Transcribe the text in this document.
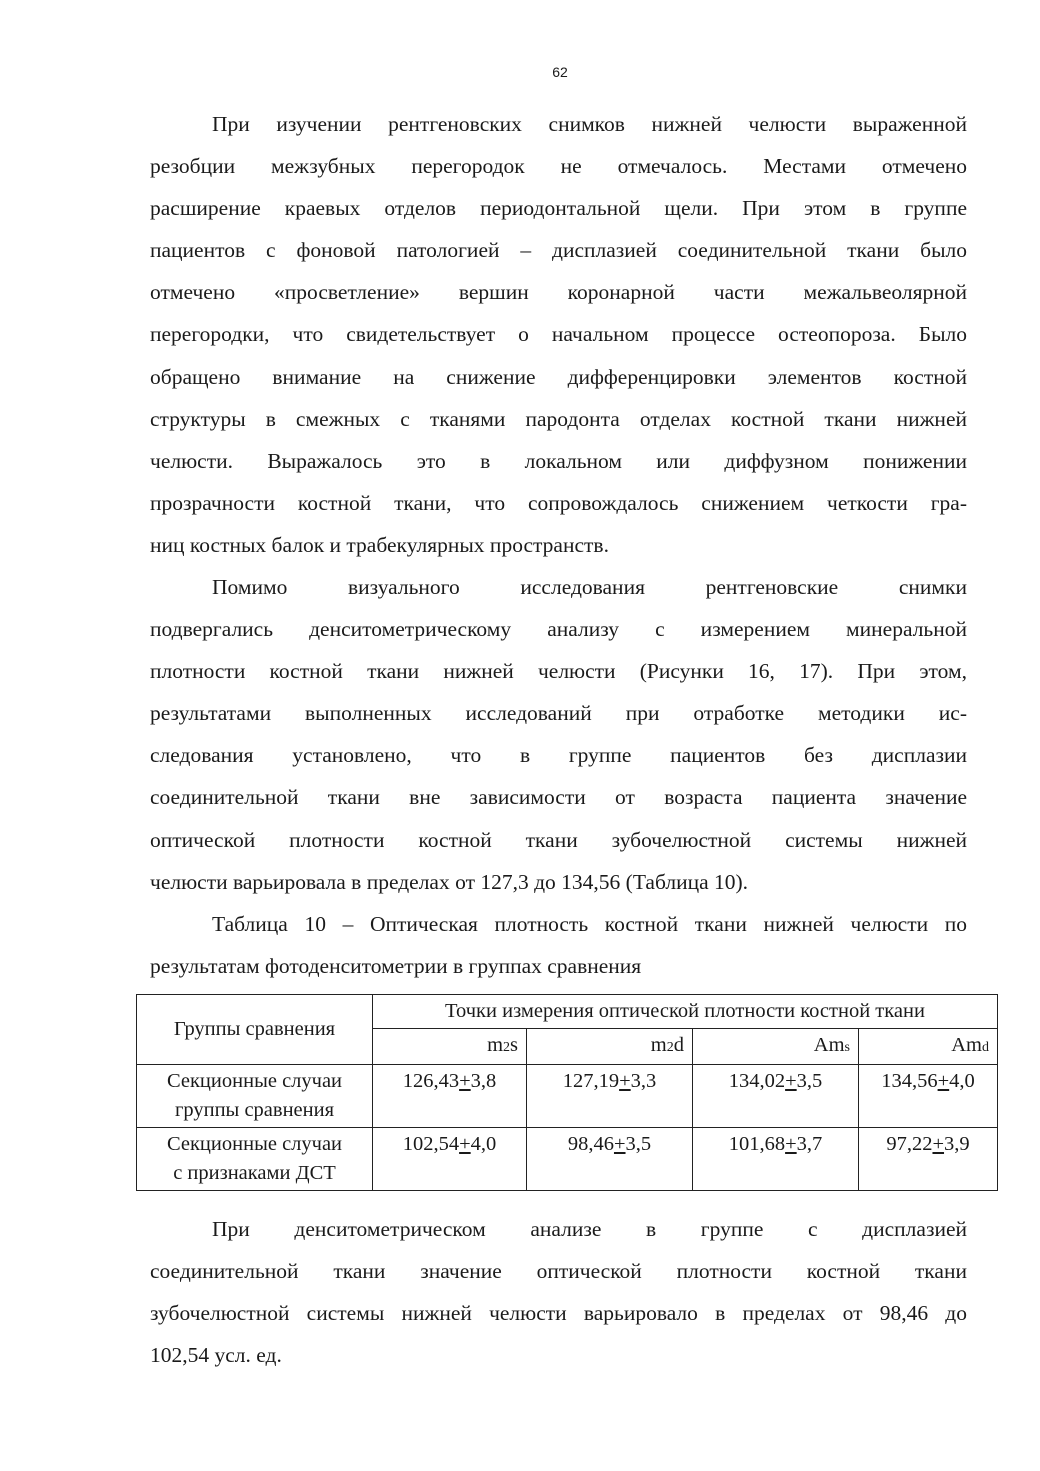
62

При изучении рентгеновских снимков нижней челюсти выраженной
резобции межзубных перегородок не отмечалось. Местами отмечено
расширение краевых отделов периодонтальной щели. При этом в группе
пациентов с фоновой патологией – дисплазией соединительной ткани было
отмечено «просветление» вершин коронарной части межальвеолярной
перегородки, что свидетельствует о начальном процессе остеопороза. Было
обращено внимание на снижение дифференцировки элементов костной
структуры в смежных с тканями пародонта отделах костной ткани нижней
челюсти. Выражалось это в локальном или диффузном понижении
прозрачности костной ткани, что сопровождалось снижением четкости гра-
ниц костных балок и трабекулярных пространств.

Помимо визуального исследования рентгеновские снимки
подвергались денситометрическому анализу с измерением минеральной
плотности костной ткани нижней челюсти (Рисунки 16, 17). При этом,
результатами выполненных исследований при отработке методики ис-
следования установлено, что в группе пациентов без дисплазии
соединительной ткани вне зависимости от возраста пациента значение
оптической плотности костной ткани зубочелюстной системы нижней
челюсти варьировала в пределах от 127,3 до 134,56 (Таблица 10).

Таблица 10 – Оптическая плотность костной ткани нижней челюсти по
результатам фотоденситометрии в группах сравнения

Группы сравнения	Точки измерения оптической плотности костной ткани			
	m2s	m2d	Ams	Amd
Секционные случаи
группы сравнения	126,43+3,8	127,19+3,3	134,02+3,5	134,56+4,0
Секционные случаи
с признаками ДСТ	102,54+4,0	98,46+3,5	101,68+3,7	97,22+3,9

При денситометрическом анализе в группе с дисплазией
соединительной ткани значение оптической плотности костной ткани
зубочелюстной системы нижней челюсти варьировало в пределах от 98,46 до
102,54 усл. ед.
